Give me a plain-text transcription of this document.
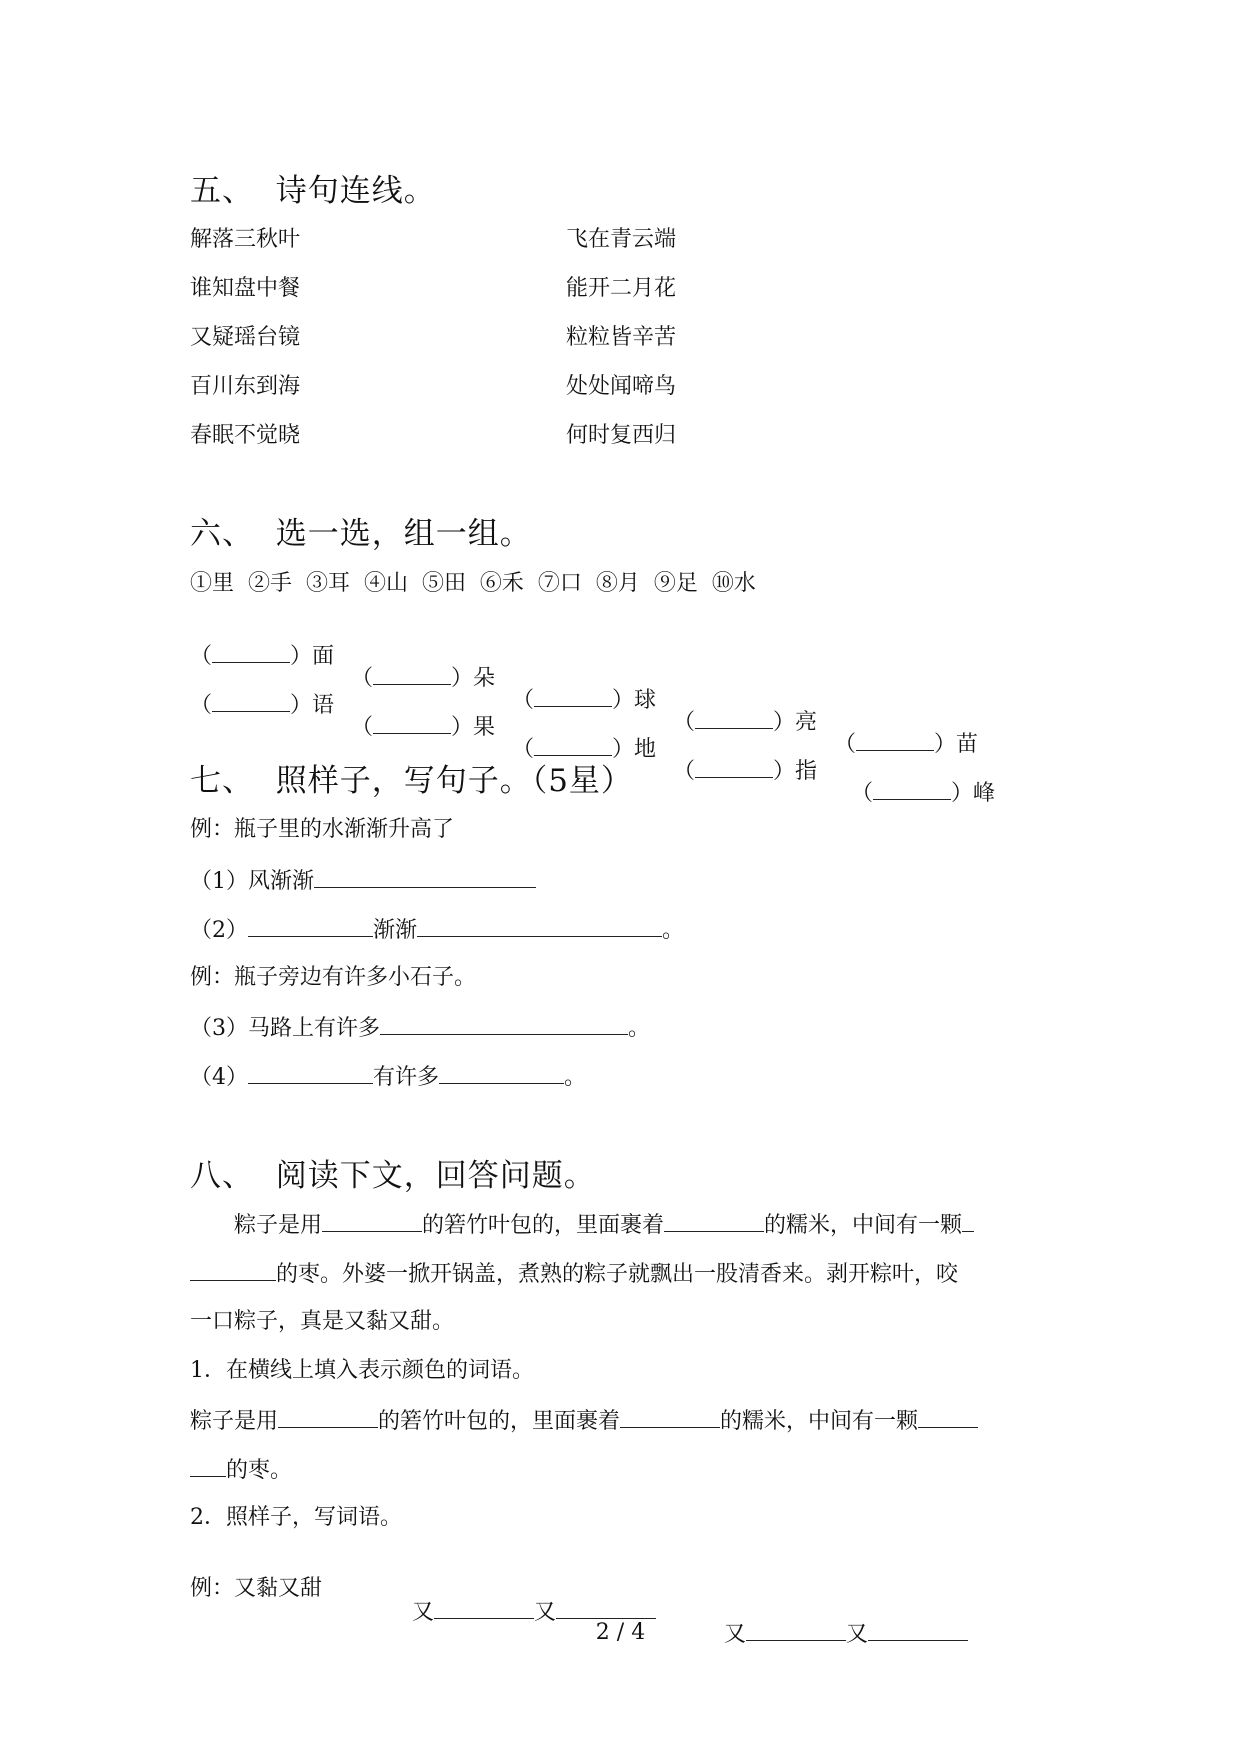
五、  诗句连线。
解落三秋叶	飞在青云端
谁知盘中餐	能开二月花
又疑瑶台镜	粒粒皆辛苦
百川东到海	处处闻啼鸟
春眠不觉晓	何时复西归
六、  选一选，组一组。
①里  ②手  ③耳  ④山  ⑤田  ⑥禾  ⑦口  ⑧月  ⑨足  ⑩水

（	）面

（	）朵

（	）球

（	）亮

（	）苗

（	）语

（	）果

（	）地

（	）指

（	）峰

七、  照样子，写句子。（5星）
例：瓶子里的水渐渐升高了
（1）风渐渐
（2）	渐渐	。
例：瓶子旁边有许多小石子。
（3）马路上有许多	。
（4）	有许多	。
八、  阅读下文，回答问题。
粽子是用	的箬竹叶包的，里面裹着	的糯米，中间有一颗
的枣。外婆一掀开锅盖，煮熟的粽子就飘出一股清香来。剥开粽叶，咬
一口粽子，真是又黏又甜。
1．在横线上填入表示颜色的词语。
粽子是用	的箬竹叶包的，里面裹着	的糯米，中间有一颗
的枣。
2．照样子，写词语。

例：又黏又甜

又	又

又	又

2 / 4
